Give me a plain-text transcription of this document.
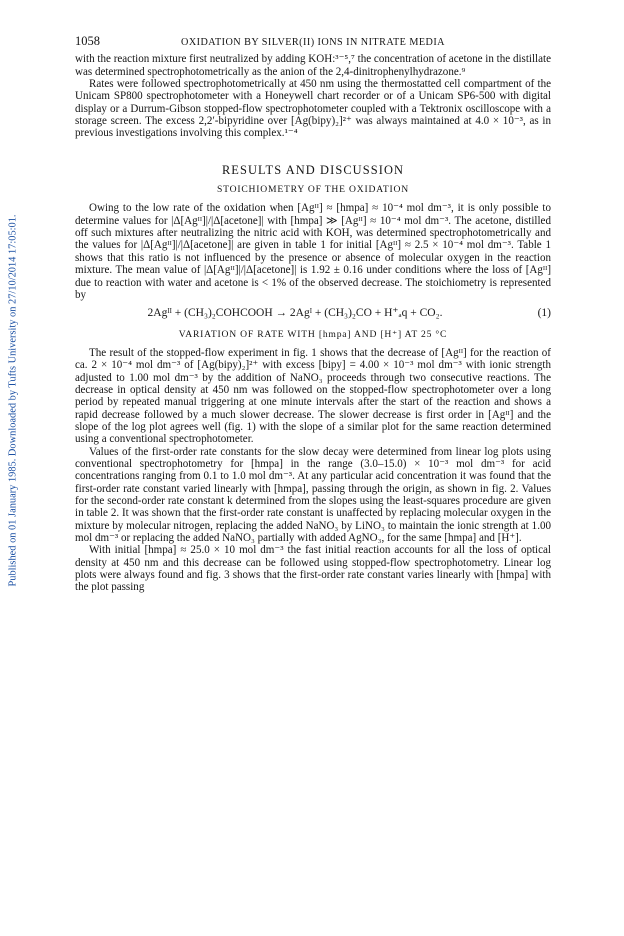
Published on 01 January 1985. Downloaded by Tufts University on 27/10/2014 17:05:01.
1058	OXIDATION BY SILVER(II) IONS IN NITRATE MEDIA

with the reaction mixture first neutralized by adding KOH:³⁻⁵,⁷ the concentration of acetone in the distillate was determined spectrophotometrically as the anion of the 2,4-dinitrophenylhydrazone.⁹

Rates were followed spectrophotometrically at 450 nm using the thermostatted cell compartment of the Unicam SP800 spectrophotometer with a Honeywell chart recorder or of a Unicam SP6-500 with digital display or a Durrum-Gibson stopped-flow spectrophotometer coupled with a Tektronix oscilloscope with a storage screen. The excess 2,2′-bipyridine over [Ag(bipy)₂]²⁺ was always maintained at 4.0 × 10⁻³, as in previous investigations involving this complex.¹⁻⁴

RESULTS AND DISCUSSION
STOICHIOMETRY OF THE OXIDATION

Owing to the low rate of the oxidation when [Agᴵᴵ] ≈ [hmpa] ≈ 10⁻⁴ mol dm⁻³, it is only possible to determine values for |Δ[Agᴵᴵ]|/|Δ[acetone]| with [hmpa] ≫ [Agᴵᴵ] ≈ 10⁻⁴ mol dm⁻³. The acetone, distilled off such mixtures after neutralizing the nitric acid with KOH, was determined spectrophotometrically and the values for |Δ[Agᴵᴵ]|/|Δ[acetone]| are given in table 1 for initial [Agᴵᴵ] ≈ 2.5 × 10⁻⁴ mol dm⁻³. Table 1 shows that this ratio is not influenced by the presence or absence of molecular oxygen in the reaction mixture. The mean value of |Δ[Agᴵᴵ]|/|Δ[acetone]| is 1.92 ± 0.16 under conditions where the loss of [Agᴵᴵ] due to reaction with water and acetone is < 1% of the observed decrease. The stoichiometry is represented by

2Agᴵᴵ + (CH₃)₂COHCOOH → 2Agᴵ + (CH₃)₂CO + H⁺ₐq + CO₂.	(1)
VARIATION OF RATE WITH [hmpa] AND [H⁺] AT 25 °C

The result of the stopped-flow experiment in fig. 1 shows that the decrease of [Agᴵᴵ] for the reaction of ca. 2 × 10⁻⁴ mol dm⁻³ of [Ag(bipy)₂]²⁺ with excess [bipy] = 4.00 × 10⁻³ mol dm⁻³ with ionic strength adjusted to 1.00 mol dm⁻³ by the addition of NaNO₃ proceeds through two consecutive reactions. The decrease in optical density at 450 nm was followed on the stopped-flow spectrophotometer over a long period by repeated manual triggering at one minute intervals after the start of the reaction and shows a rapid decrease followed by a much slower decrease. The slower decrease is first order in [Agᴵᴵ] and the slope of the log plot agrees well (fig. 1) with the slope of a similar plot for the same reaction determined using a conventional spectrophotometer.

Values of the first-order rate constants for the slow decay were determined from linear log plots using conventional spectrophotometry for [hmpa] in the range (3.0–15.0) × 10⁻³ mol dm⁻³ for acid concentrations ranging from 0.1 to 1.0 mol dm⁻³. At any particular acid concentration it was found that the first-order rate constant varied linearly with [hmpa], passing through the origin, as shown in fig. 2. Values for the second-order rate constant k determined from the slopes using the least-squares procedure are given in table 2. It was shown that the first-order rate constant is unaffected by replacing molecular oxygen in the mixture by molecular nitrogen, replacing the added NaNO₃ by LiNO₃ to maintain the ionic strength at 1.00 mol dm⁻³ or replacing the added NaNO₃ partially with added AgNO₃, for the same [hmpa] and [H⁺].

With initial [hmpa] ≈ 25.0 × 10 mol dm⁻³ the fast initial reaction accounts for all the loss of optical density at 450 nm and this decrease can be followed using stopped-flow spectrophotometry. Linear log plots were always found and fig. 3 shows that the first-order rate constant varies linearly with [hmpa] with the plot passing
